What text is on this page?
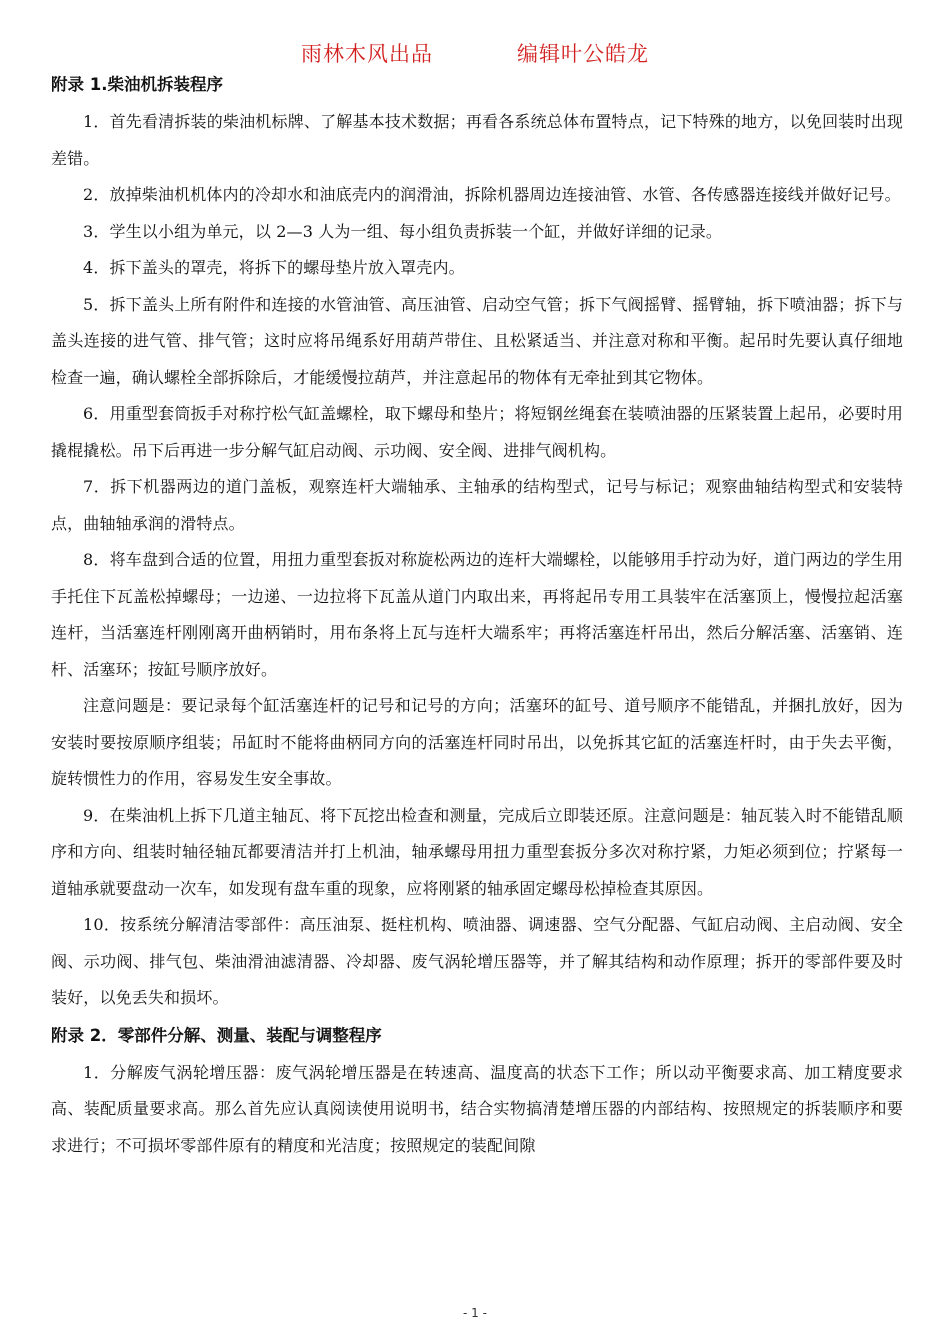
雨林木风出品	编辑叶公皓龙
附录 1.柴油机拆装程序

1．首先看清拆装的柴油机标牌、了解基本技术数据；再看各系统总体布置特点，记下特殊的地方，以免回装时出现差错。

2．放掉柴油机机体内的冷却水和油底壳内的润滑油，拆除机器周边连接油管、水管、各传感器连接线并做好记号。

3．学生以小组为单元，以 2—3 人为一组、每小组负责拆装一个缸，并做好详细的记录。

4．拆下盖头的罩壳，将拆下的螺母垫片放入罩壳内。

5．拆下盖头上所有附件和连接的水管油管、高压油管、启动空气管；拆下气阀摇臂、摇臂轴，拆下喷油器；拆下与盖头连接的进气管、排气管；这时应将吊绳系好用葫芦带住、且松紧适当、并注意对称和平衡。起吊时先要认真仔细地检查一遍，确认螺栓全部拆除后，才能缓慢拉葫芦，并注意起吊的物体有无牵扯到其它物体。

6．用重型套筒扳手对称拧松气缸盖螺栓，取下螺母和垫片；将短钢丝绳套在装喷油器的压紧装置上起吊，必要时用撬棍撬松。吊下后再进一步分解气缸启动阀、示功阀、安全阀、进排气阀机构。

7．拆下机器两边的道门盖板，观察连杆大端轴承、主轴承的结构型式，记号与标记；观察曲轴结构型式和安装特点，曲轴轴承润的滑特点。

8．将车盘到合适的位置，用扭力重型套扳对称旋松两边的连杆大端螺栓，以能够用手拧动为好，道门两边的学生用手托住下瓦盖松掉螺母；一边递、一边拉将下瓦盖从道门内取出来，再将起吊专用工具装牢在活塞顶上，慢慢拉起活塞连杆，当活塞连杆刚刚离开曲柄销时，用布条将上瓦与连杆大端系牢；再将活塞连杆吊出，然后分解活塞、活塞销、连杆、活塞环；按缸号顺序放好。

注意问题是：要记录每个缸活塞连杆的记号和记号的方向；活塞环的缸号、道号顺序不能错乱，并捆扎放好，因为安装时要按原顺序组装；吊缸时不能将曲柄同方向的活塞连杆同时吊出，以免拆其它缸的活塞连杆时，由于失去平衡，旋转惯性力的作用，容易发生安全事故。

9．在柴油机上拆下几道主轴瓦、将下瓦挖出检查和测量，完成后立即装还原。注意问题是：轴瓦装入时不能错乱顺序和方向、组装时轴径轴瓦都要清洁并打上机油，轴承螺母用扭力重型套扳分多次对称拧紧，力矩必须到位；拧紧每一道轴承就要盘动一次车，如发现有盘车重的现象，应将刚紧的轴承固定螺母松掉检查其原因。

10．按系统分解清洁零部件：高压油泵、挺柱机构、喷油器、调速器、空气分配器、气缸启动阀、主启动阀、安全阀、示功阀、排气包、柴油滑油滤清器、冷却器、废气涡轮增压器等，并了解其结构和动作原理；拆开的零部件要及时装好，以免丢失和损坏。

附录 2．零部件分解、测量、装配与调整程序

1．分解废气涡轮增压器：废气涡轮增压器是在转速高、温度高的状态下工作；所以动平衡要求高、加工精度要求高、装配质量要求高。那么首先应认真阅读使用说明书，结合实物搞清楚增压器的内部结构、按照规定的拆装顺序和要求进行；不可损坏零部件原有的精度和光洁度；按照规定的装配间隙

- 1 -
